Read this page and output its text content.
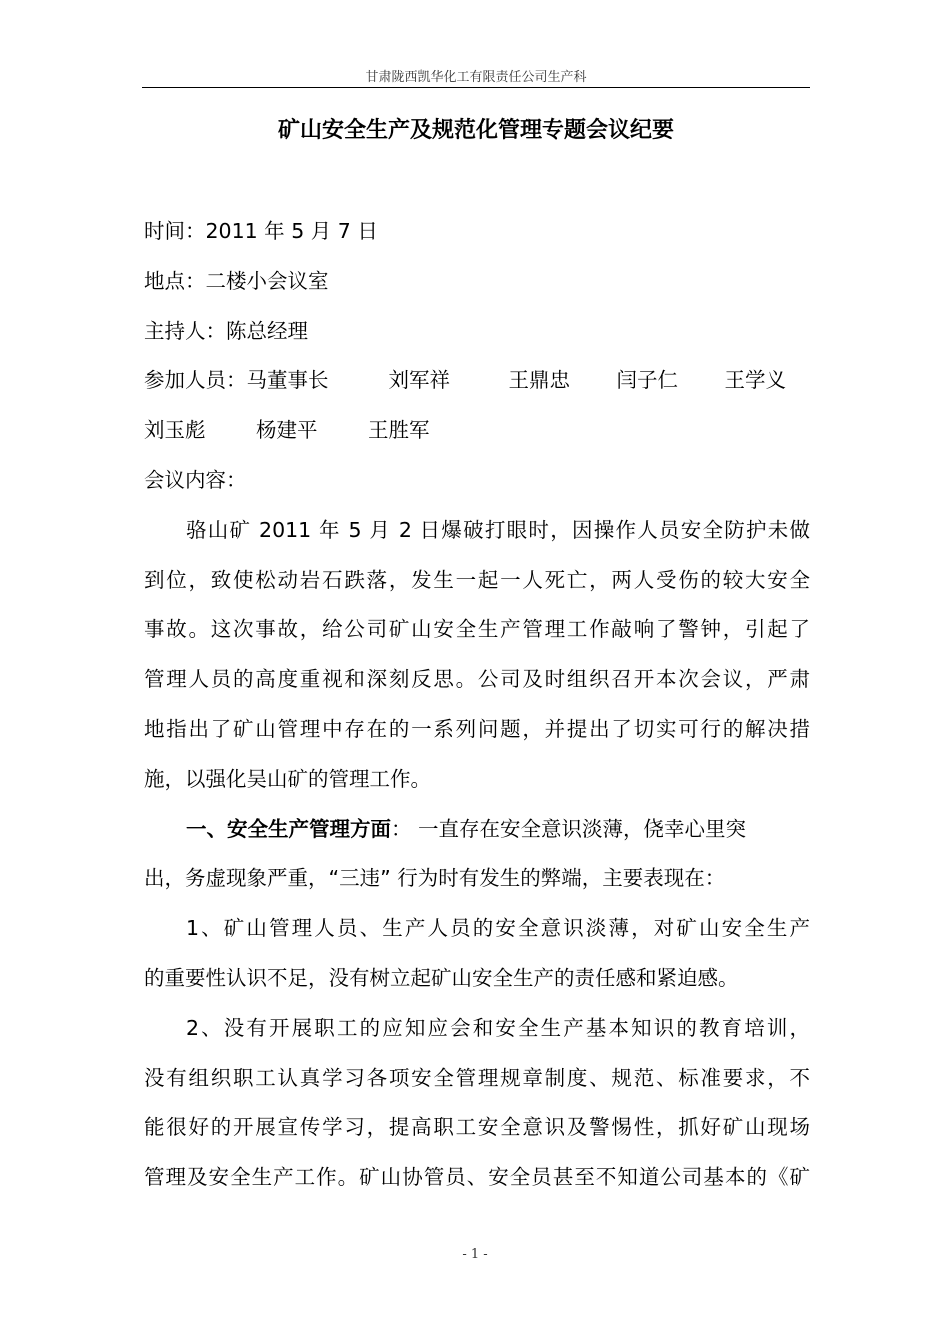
甘肃陇西凯华化工有限责任公司生产科
矿山安全生产及规范化管理专题会议纪要
时间：2011 年 5 月 7 日
地点：二楼小会议室
主持人：陈总经理
参加人员：马董事长	刘军祥	王鼎忠 闫子仁 王学义
刘玉彪 杨建平 王胜军
会议内容：
骆山矿 2011 年 5 月 2 日爆破打眼时，因操作人员安全防护未做
到位，致使松动岩石跌落，发生一起一人死亡，两人受伤的较大安全
事故。这次事故，给公司矿山安全生产管理工作敲响了警钟，引起了
管理人员的高度重视和深刻反思。公司及时组织召开本次会议，严肃
地指出了矿山管理中存在的一系列问题，并提出了切实可行的解决措
施，以强化吴山矿的管理工作。
一、安全生产管理方面： 一直存在安全意识淡薄，侥幸心里突
出，务虚现象严重，“三违” 行为时有发生的弊端，主要表现在：
1、矿山管理人员、生产人员的安全意识淡薄，对矿山安全生产
的重要性认识不足，没有树立起矿山安全生产的责任感和紧迫感。
2、没有开展职工的应知应会和安全生产基本知识的教育培训，
没有组织职工认真学习各项安全管理规章制度、规范、标准要求，不
能很好的开展宣传学习，提高职工安全意识及警惕性，抓好矿山现场
管理及安全生产工作。矿山协管员、安全员甚至不知道公司基本的《矿
- 1 -
